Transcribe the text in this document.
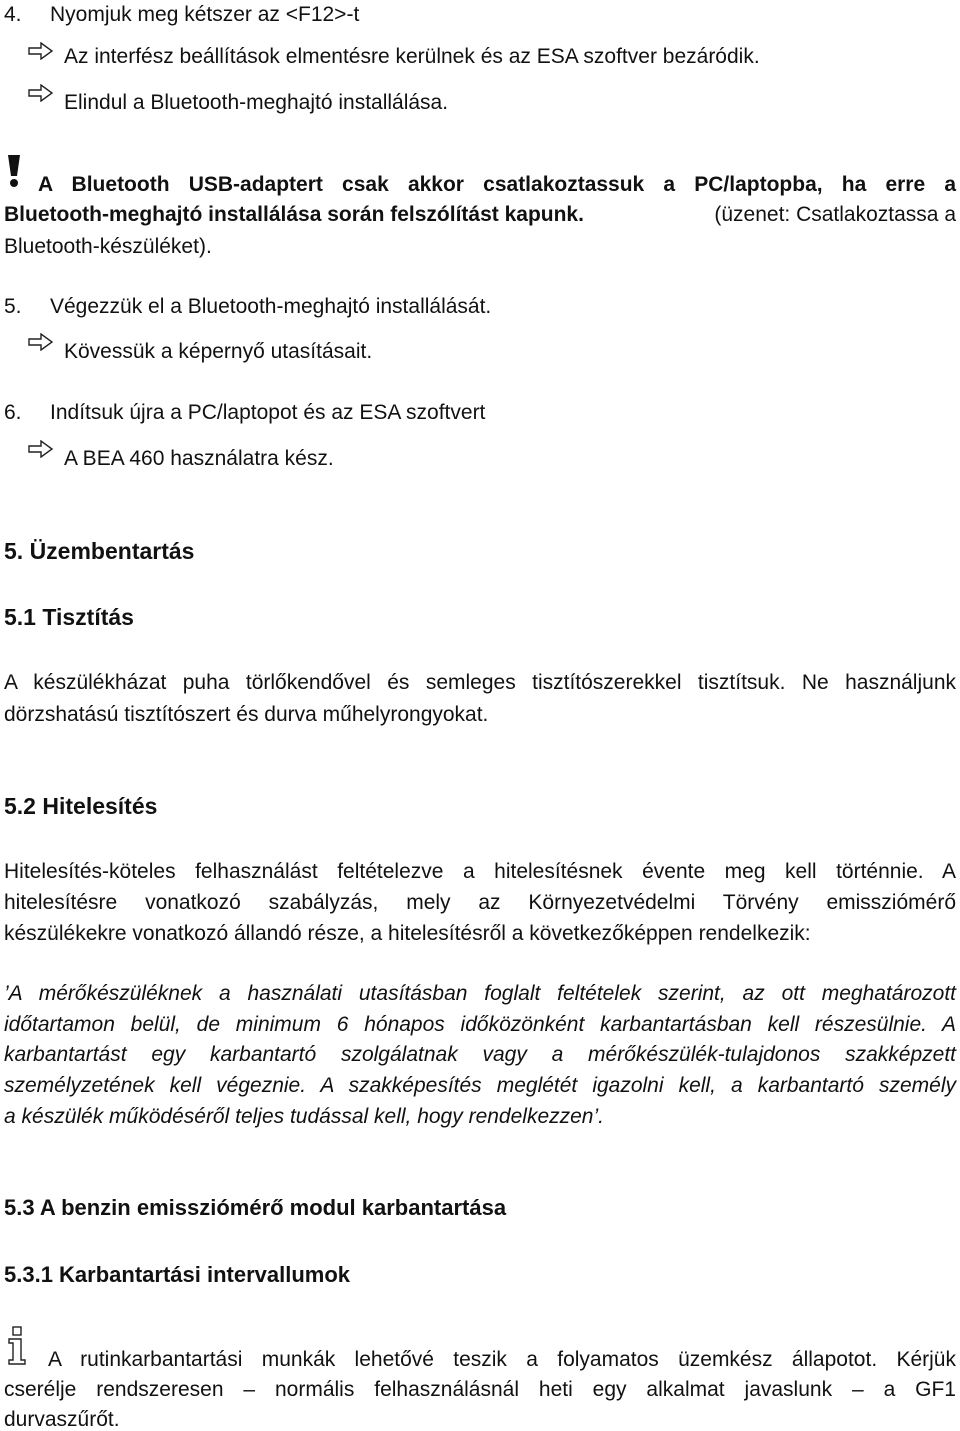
4. Nyomjuk meg kétszer az <F12>-t
Az interfész beállítások elmentésre kerülnek és az ESA szoftver bezáródik.
Elindul a Bluetooth-meghajtó installálása.
A Bluetooth USB-adaptert csak akkor csatlakoztassuk a PC/laptopba, ha erre a
Bluetooth-meghajtó installálása során felszólítást kapunk.	(üzenet: Csatlakoztassa a
Bluetooth-készüléket).
5. Végezzük el a Bluetooth-meghajtó installálását.
Kövessük a képernyő utasításait.
6. Indítsuk újra a PC/laptopot és az ESA szoftvert
A BEA 460 használatra kész.
5. Üzembentartás
5.1 Tisztítás
A készülékházat puha törlőkendővel és semleges tisztítószerekkel tisztítsuk. Ne használjunk
dörzshatású tisztítószert és durva műhelyrongyokat.
5.2 Hitelesítés
Hitelesítés-köteles felhasználást feltételezve a hitelesítésnek évente meg kell történnie. A
hitelesítésre vonatkozó szabályzás, mely az Környezetvédelmi Törvény emissziómérő
készülékekre vonatkozó állandó része, a hitelesítésről a következőképpen rendelkezik:
’A mérőkészüléknek a használati utasításban foglalt feltételek szerint, az ott meghatározott
időtartamon belül, de minimum 6 hónapos időközönként karbantartásban kell részesülnie. A
karbantartást egy karbantartó szolgálatnak vagy a mérőkészülék-tulajdonos szakképzett
személyzetének kell végeznie. A szakképesítés meglétét igazolni kell, a karbantartó személy
a készülék működéséről teljes tudással kell, hogy rendelkezzen’.
5.3 A benzin emissziómérő modul karbantartása
5.3.1 Karbantartási intervallumok
A rutinkarbantartási munkák lehetővé teszik a folyamatos üzemkész állapotot. Kérjük
cserélje rendszeresen – normális felhasználásnál heti egy alkalmat javaslunk – a GF1
durvaszűrőt.
